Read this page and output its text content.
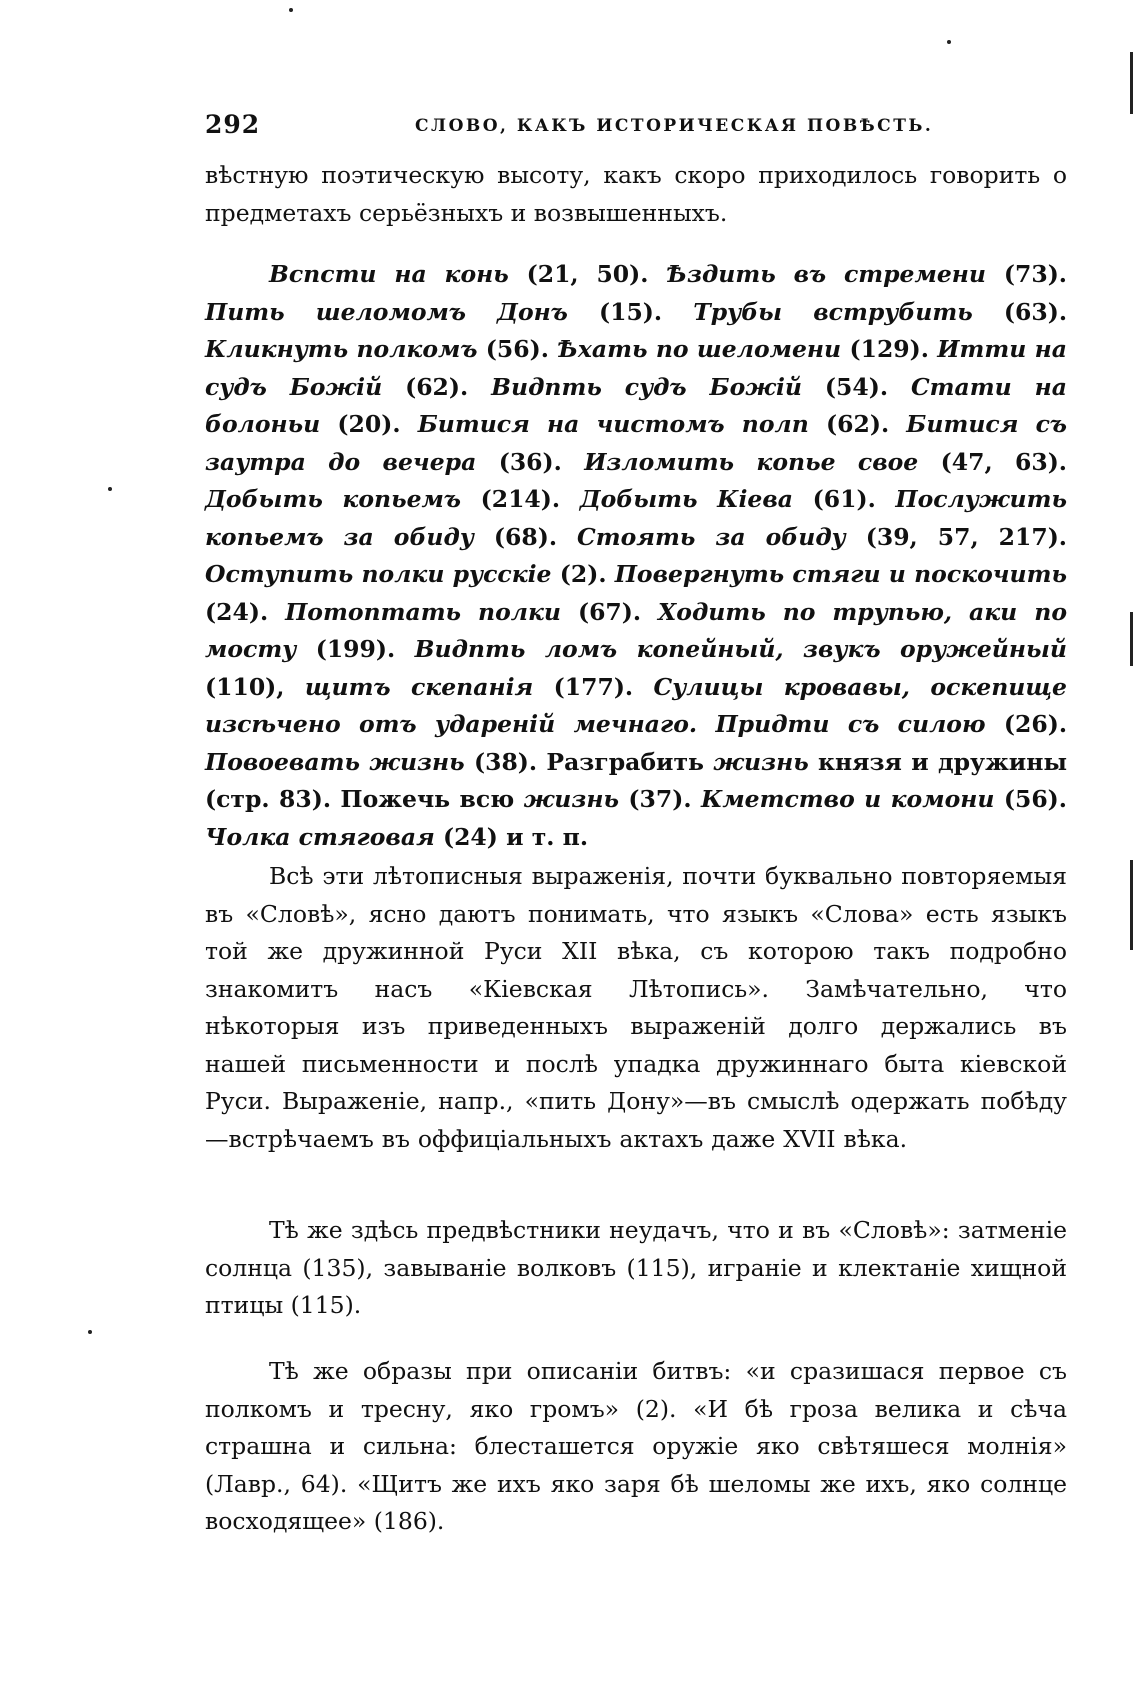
292	СЛОВО, КАКЪ ИСТОРИЧЕСКАЯ ПОВѢСТЬ.

вѣстную поэтическую высоту, какъ скоро приходилось говорить о предметахъ серьёзныхъ и возвышенныхъ.

Вспсти на конь (21, 50). Ѣздить въ стремени (73). Пить шеломомъ Донъ (15). Трубы вструбить (63). Кликнуть полкомъ (56). Ѣхать по шеломени (129). Итти на судъ Божій (62). Видпть судъ Божій (54). Стати на болоньи (20). Битися на чистомъ полп (62). Битися съ заутра до вечера (36). Изломить копье свое (47, 63). Добыть копьемъ (214). Добыть Кіева (61). Послужить копьемъ за обиду (68). Стоять за обиду (39, 57, 217). Оступить полки русскіе (2). Повергнуть стяги и поскочить (24). Потоптать полки (67). Ходить по трупью, аки по мосту (199). Видпть ломъ копейный, звукъ оружейный (110), щитъ скепанія (177). Сулицы кровавы, оскепище изсѣчено отъ удареній мечнаго. Придти съ силою (26). Повоевать жизнь (38). Разграбить жизнь князя и дружины (стр. 83). Пожечь всю жизнь (37). Кметство и комони (56). Чолка стяговая (24) и т. п.

Всѣ эти лѣтописныя выраженія, почти буквально повторяемыя въ «Словѣ», ясно даютъ понимать, что языкъ «Слова» есть языкъ той же дружинной Руси XII вѣка, съ которою такъ подробно знакомитъ насъ «Кіевская Лѣтопись». Замѣчательно, что нѣкоторыя изъ приведенныхъ выраженій долго держались въ нашей письменности и послѣ упадка дружиннаго быта кіевской Руси. Выраженіе, напр., «пить Дону»—въ смыслѣ одержать побѣду—встрѣчаемъ въ оффиціальныхъ актахъ даже XVII вѣка.

Тѣ же здѣсь предвѣстники неудачъ, что и въ «Словѣ»: затменіе солнца (135), завываніе волковъ (115), играніе и клектаніе хищной птицы (115).

Тѣ же образы при описаніи битвъ: «и сразишася первое съ полкомъ и тресну, яко громъ» (2). «И бѣ гроза велика и сѣча страшна и сильна: блесташется оружіе яко свѣтяшеся молнія» (Лавр., 64). «Щитъ же ихъ яко заря бѣ шеломы же ихъ, яко солнце восходящее» (186).
